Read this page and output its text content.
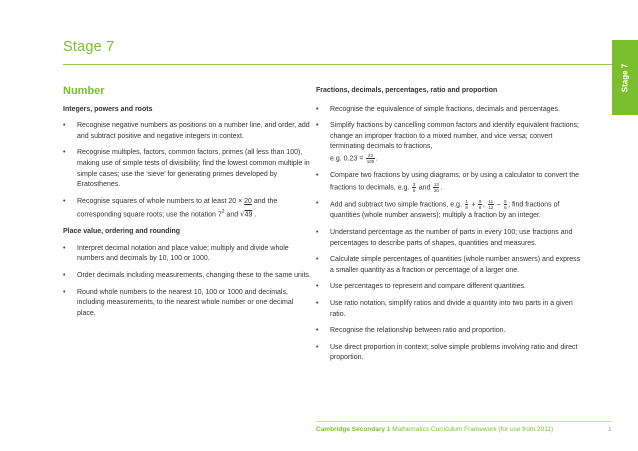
Stage 7
Stage 7
Number
Integers, powers and roots
• Recognise negative numbers as positions on a number line, and order, add and subtract positive and negative integers in context.
• Recognise multiples, factors, common factors, primes (all less than 100), making use of simple tests of divisibility; find the lowest common multiple in simple cases; use the ‘sieve’ for generating primes developed by Eratosthenes.
• Recognise squares of whole numbers to at least 20 × 20 and the corresponding square roots; use the notation $7^2$ and √49 .
Place value, ordering and rounding
• Interpret decimal notation and place value; multiply and divide whole numbers and decimals by 10, 100 or 1000.
• Order decimals including measurements, changing these to the same units.
• Round whole numbers to the nearest 10, 100 or 1000 and decimals, including measurements, to the nearest whole number or one decimal place.
Fractions, decimals, percentages, ratio and proportion
• Recognise the equivalence of simple fractions, decimals and percentages.
• Simplify fractions by cancelling common factors and identify equivalent fractions; change an improper fraction to a mixed number, and vice versa; convert terminating decimals to fractions,
e.g. $0.23 = \frac{23}{100}$ .
• Compare two fractions by using diagrams, or by using a calculator to convert the fractions to decimals, e.g. $\frac{3}{5}$ and $\frac{13}{20}$ .
• Add and subtract two simple fractions, e.g. $\frac{1}{8} + \frac{9}{8}$ , $\frac{11}{12} - \frac{5}{6}$ ; find fractions of quantities (whole number answers); multiply a fraction by an integer.
• Understand percentage as the number of parts in every 100; use fractions and percentages to describe parts of shapes, quantities and measures.
• Calculate simple percentages of quantities (whole number answers) and express a smaller quantity as a fraction or percentage of a larger one.
• Use percentages to represent and compare different quantities.
• Use ratio notation, simplify ratios and divide a quantity into two parts in a given ratio.
• Recognise the relationship between ratio and proportion.
• Use direct proportion in context; solve simple problems involving ratio and direct proportion.
Cambridge Secondary 1 Mathematics Curriculum Framework (for use from 2011)	1
